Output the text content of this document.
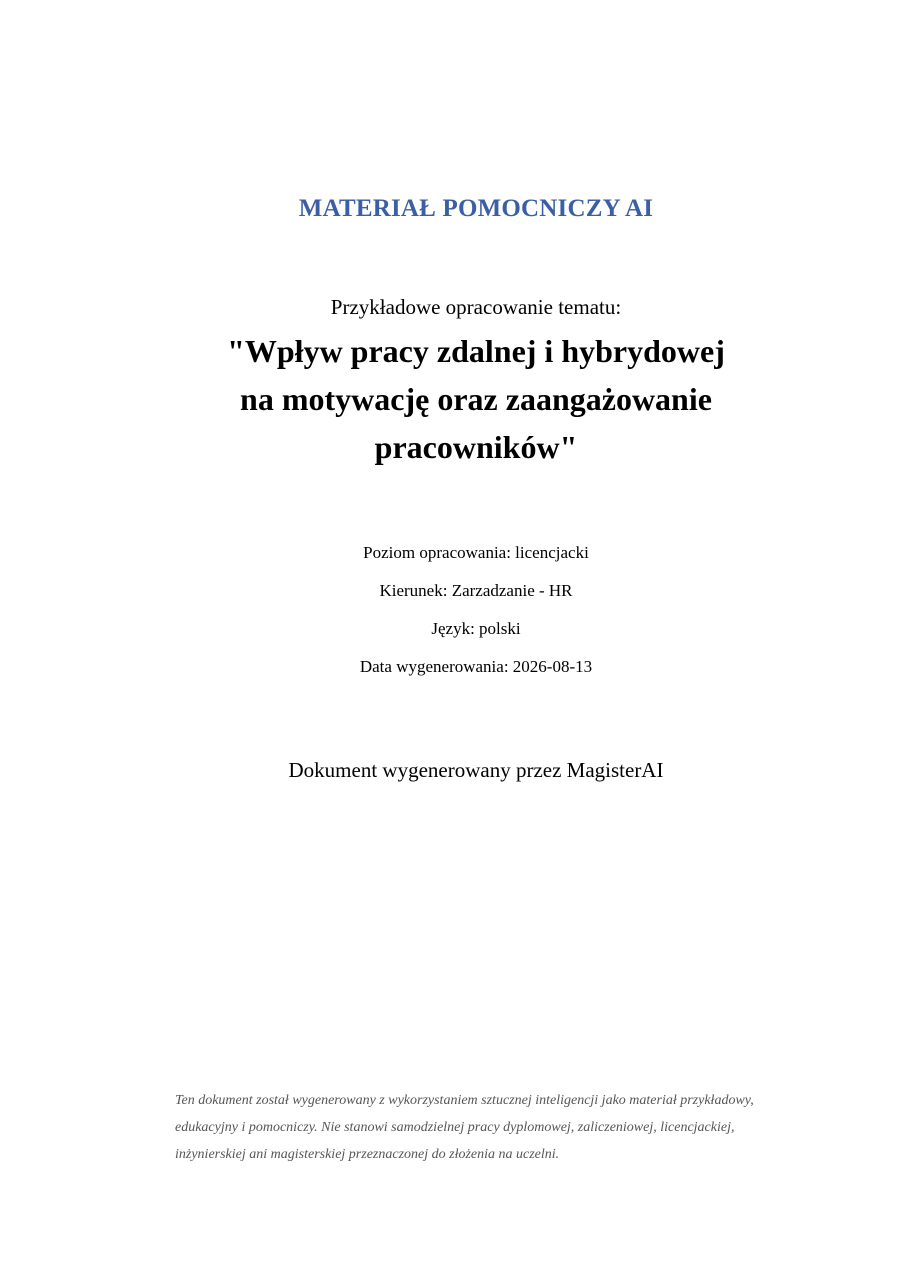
MATERIAŁ POMOCNICZY AI
Przykładowe opracowanie tematu:
"Wpływ pracy zdalnej i hybrydowej na motywację oraz zaangażowanie pracowników"
Poziom opracowania: licencjacki
Kierunek: Zarzadzanie - HR
Język: polski
Data wygenerowania: 2026-08-13
Dokument wygenerowany przez MagisterAI
Ten dokument został wygenerowany z wykorzystaniem sztucznej inteligencji jako materiał przykładowy, edukacyjny i pomocniczy. Nie stanowi samodzielnej pracy dyplomowej, zaliczeniowej, licencjackiej, inżynierskiej ani magisterskiej przeznaczonej do złożenia na uczelni.
